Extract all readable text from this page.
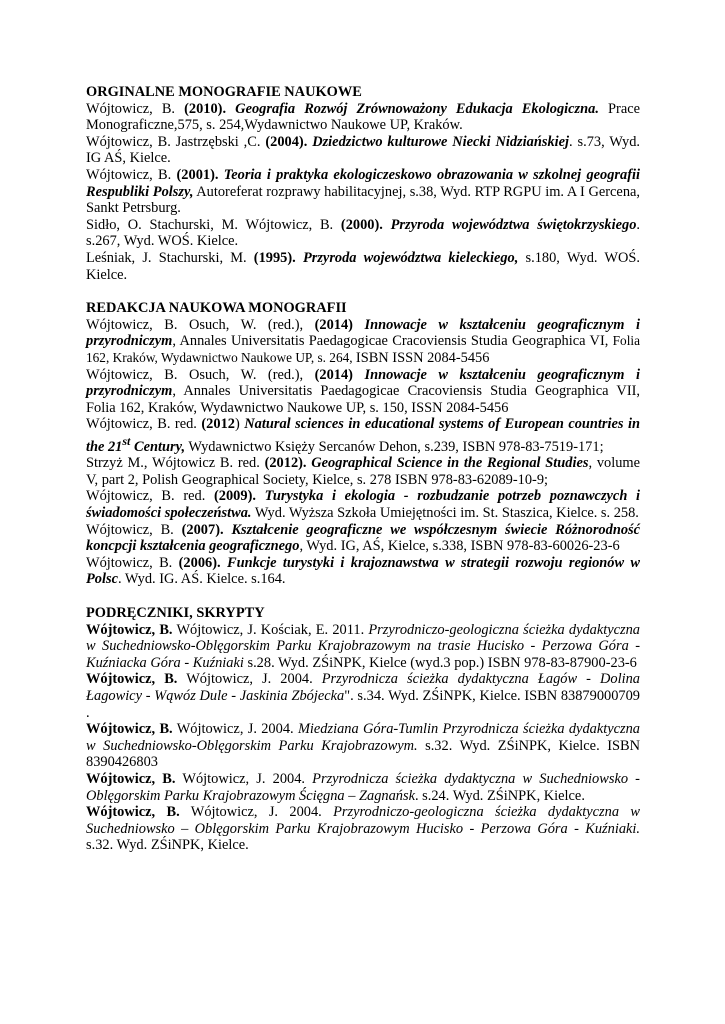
ORGINALNE MONOGRAFIE NAUKOWE

Wójtowicz, B. (2010). Geografia Rozwój Zrównoważony Edukacja Ekologiczna. Prace Monograficzne,575, s. 254,Wydawnictwo Naukowe UP, Kraków.

Wójtowicz, B. Jastrzębski ,C. (2004). Dziedzictwo kulturowe Niecki Nidziańskiej. s.73, Wyd. IG AŚ, Kielce.

Wójtowicz, B. (2001). Teoria i praktyka ekologiczeskowo obrazowania w szkolnej geografii Respubliki Polszy, Autoreferat rozprawy habilitacyjnej, s.38, Wyd. RTP RGPU im. A I Gercena, Sankt Petrsburg.

Sidło, O. Stachurski, M. Wójtowicz, B. (2000). Przyroda województwa świętokrzyskiego. s.267, Wyd. WOŚ. Kielce.

Leśniak, J. Stachurski, M. (1995). Przyroda województwa kieleckiego, s.180, Wyd. WOŚ. Kielce.

REDAKCJA NAUKOWA MONOGRAFII

Wójtowicz, B. Osuch, W. (red.), (2014) Innowacje w kształceniu geograficznym i przyrodniczym, Annales Universitatis Paedagogicae Cracoviensis Studia Geographica VI, Folia 162, Kraków, Wydawnictwo Naukowe UP, s. 264, ISBN ISSN 2084-5456

Wójtowicz, B. Osuch, W. (red.), (2014) Innowacje w kształceniu geograficznym i przyrodniczym, Annales Universitatis Paedagogicae Cracoviensis Studia Geographica VII, Folia 162, Kraków, Wydawnictwo Naukowe UP, s. 150, ISSN 2084-5456

Wójtowicz, B. red. (2012) Natural sciences in educational systems of European countries in the 21st Century, Wydawnictwo Księży Sercanów Dehon, s.239, ISBN 978-83-7519-171;

Strzyż M., Wójtowicz B. red. (2012). Geographical Science in the Regional Studies, volume V, part 2, Polish Geographical Society, Kielce, s. 278 ISBN 978-83-62089-10-9;

Wójtowicz, B. red. (2009). Turystyka i ekologia - rozbudzanie potrzeb poznawczych i świadomości społeczeństwa. Wyd. Wyższa Szkoła Umiejętności im. St. Staszica, Kielce. s. 258.

Wójtowicz, B. (2007). Kształcenie geograficzne we współczesnym świecie Różnorodność koncpcji kształcenia geograficznego, Wyd. IG, AŚ, Kielce, s.338, ISBN 978-83-60026-23-6

Wójtowicz, B. (2006). Funkcje turystyki i krajoznawstwa w strategii rozwoju regionów w Polsc. Wyd. IG. AŚ. Kielce. s.164.

PODRĘCZNIKI, SKRYPTY

Wójtowicz, B. Wójtowicz, J. Kościak, E. 2011. Przyrodniczo-geologiczna ścieżka dydaktyczna w Suchedniowsko-Oblęgorskim Parku Krajobrazowym na trasie Hucisko - Perzowa Góra - Kuźniacka Góra - Kuźniaki s.28. Wyd. ZŚiNPK, Kielce (wyd.3 pop.) ISBN 978-83-87900-23-6

Wójtowicz, B. Wójtowicz, J. 2004. Przyrodnicza ścieżka dydaktyczna Łagów - Dolina Łagowicy - Wąwóz Dule - Jaskinia Zbójecka". s.34. Wyd. ZŚiNPK, Kielce. ISBN 83879000709 .

Wójtowicz, B. Wójtowicz, J. 2004. Miedziana Góra-Tumlin Przyrodnicza ścieżka dydaktyczna w Suchedniowsko-Oblęgorskim Parku Krajobrazowym. s.32. Wyd. ZŚiNPK, Kielce. ISBN 8390426803

Wójtowicz, B. Wójtowicz, J. 2004. Przyrodnicza ścieżka dydaktyczna w Suchedniowsko - Oblęgorskim Parku Krajobrazowym Ścięgna – Zagnańsk. s.24. Wyd. ZŚiNPK, Kielce.

Wójtowicz, B. Wójtowicz, J. 2004. Przyrodniczo-geologiczna ścieżka dydaktyczna w Suchedniowsko – Oblęgorskim Parku Krajobrazowym Hucisko - Perzowa Góra - Kuźniaki. s.32. Wyd. ZŚiNPK, Kielce.
